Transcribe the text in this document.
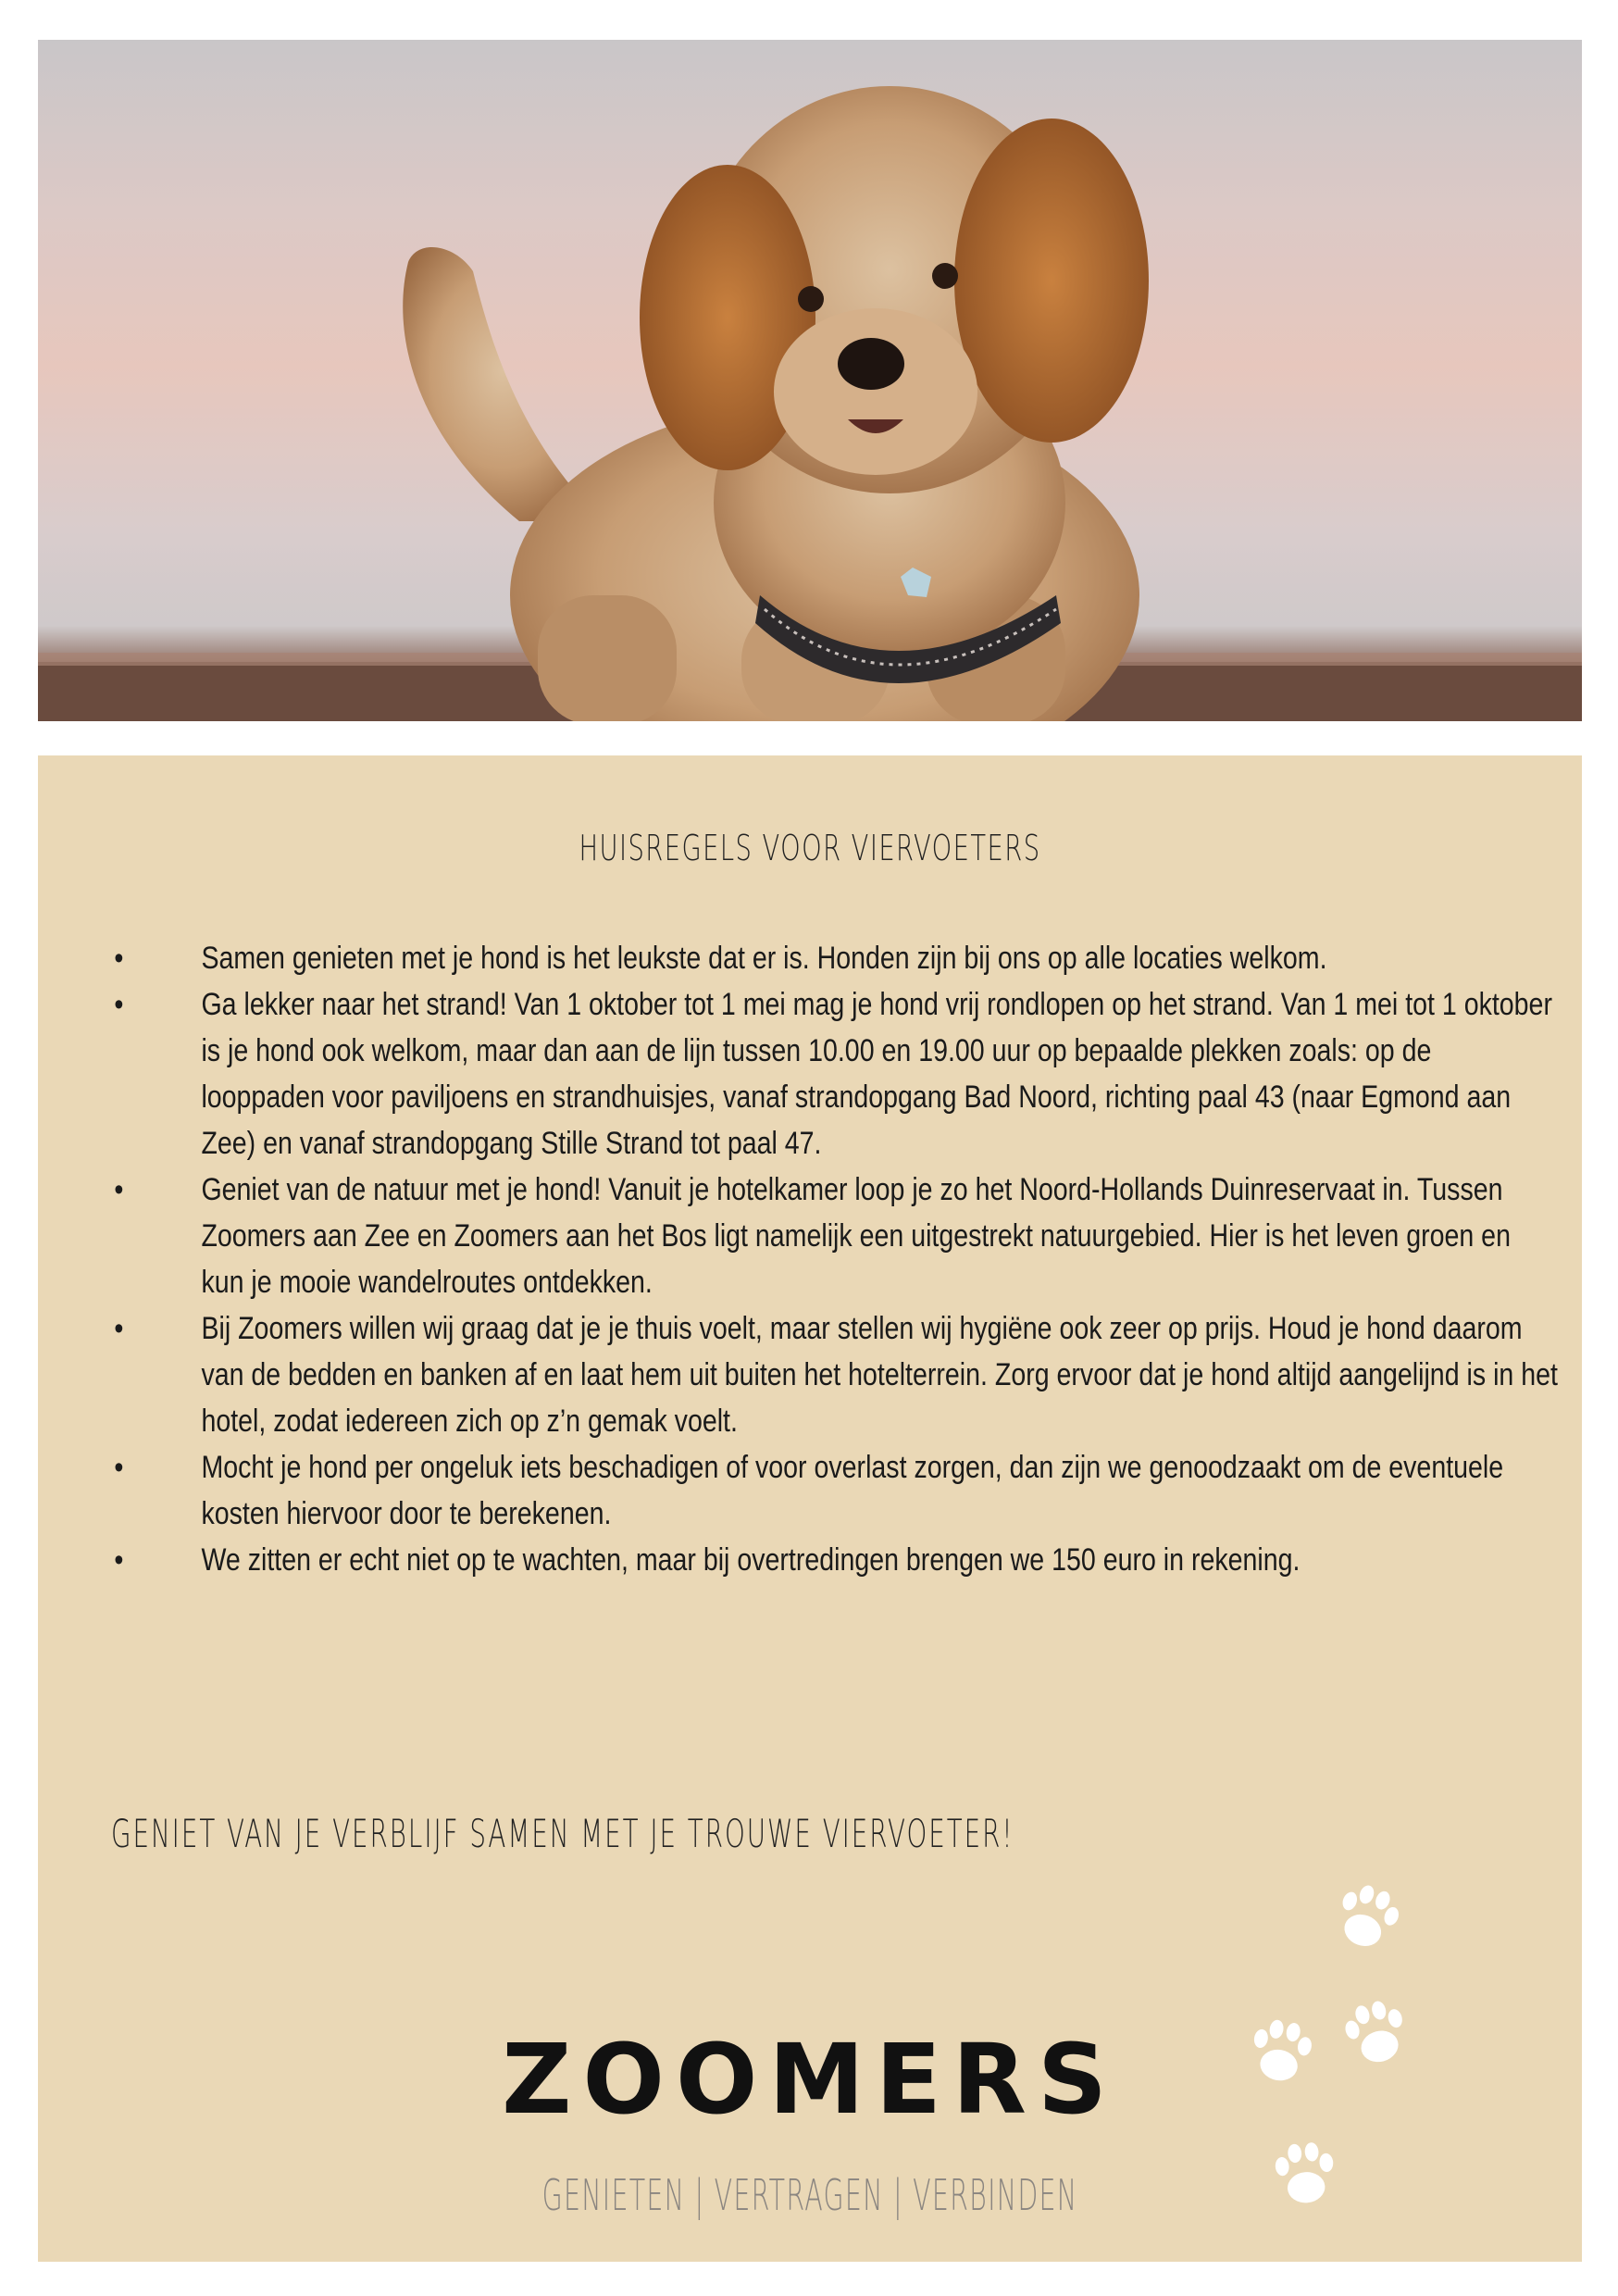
HUISREGELS VOOR VIERVOETERS
• Samen genieten met je hond is het leukste dat er is. Honden zijn bij ons op alle locaties welkom.
• Ga lekker naar het strand! Van 1 oktober tot 1 mei mag je hond vrij rondlopen op het strand. Van 1 mei tot 1 oktober is je hond ook welkom, maar dan aan de lijn tussen 10.00 en 19.00 uur op bepaalde plekken zoals: op de looppaden voor paviljoens en strandhuisjes, vanaf strandopgang Bad Noord, richting paal 43 (naar Egmond aan Zee) en vanaf strandopgang Stille Strand tot paal 47.
• Geniet van de natuur met je hond! Vanuit je hotelkamer loop je zo het Noord-Hollands Duinreservaat in. Tussen Zoomers aan Zee en Zoomers aan het Bos ligt namelijk een uitgestrekt natuurgebied. Hier is het leven groen en kun je mooie wandelroutes ontdekken.
• Bij Zoomers willen wij graag dat je je thuis voelt, maar stellen wij hygiëne ook zeer op prijs. Houd je hond daarom van de bedden en banken af en laat hem uit buiten het hotelterrein. Zorg ervoor dat je hond altijd aangelijnd is in het hotel, zodat iedereen zich op z’n gemak voelt.
• Mocht je hond per ongeluk iets beschadigen of voor overlast zorgen, dan zijn we genoodzaakt om de eventuele kosten hiervoor door te berekenen.
• We zitten er echt niet op te wachten, maar bij overtredingen brengen we 150 euro in rekening.
GENIET VAN JE VERBLIJF SAMEN MET JE TROUWE VIERVOETER!
ZOOMERS
GENIETEN | VERTRAGEN | VERBINDEN
